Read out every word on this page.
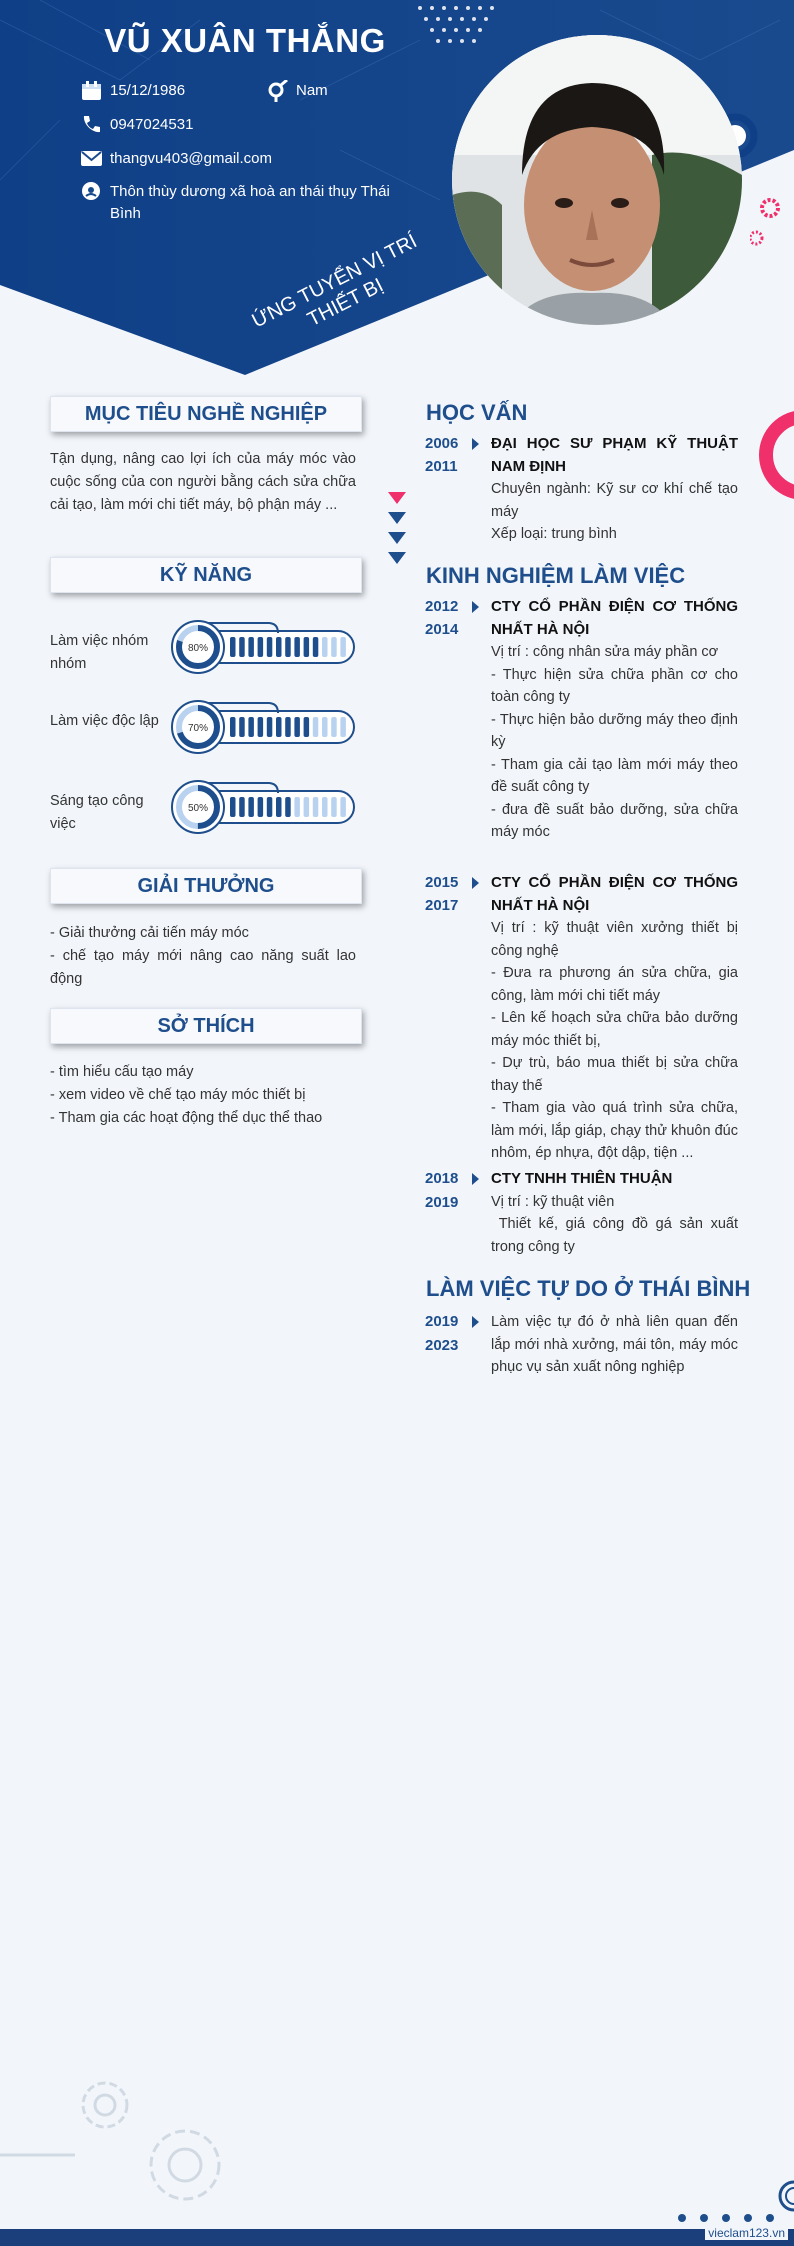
VŨ XUÂN THẮNG
15/12/1986	Nam
0947024531
thangvu403@gmail.com
Thôn thùy dương xã hoà an thái thụy Thái Bình
ỨNG TUYỂN VỊ TRÍ THIẾT BỊ
MỤC TIÊU NGHỀ NGHIỆP
Tận dụng, nâng cao lợi ích của máy móc vào cuộc sống của con người bằng cách sửa chữa cải tạo, làm mới chi tiết máy, bộ phận máy ...
KỸ NĂNG
Làm việc nhóm nhóm
Làm việc độc lập
Sáng tạo công việc
80%
70%
50%
GIẢI THƯỞNG
- Giải thưởng cải tiến máy móc
- chế tạo máy mới nâng cao năng suất lao động
SỞ THÍCH
- tìm hiểu cấu tạo máy
- xem video về chế tạo máy móc thiết bị
- Tham gia các hoạt động thể dục thể thao
HỌC VẤN
2006
2011
ĐẠI HỌC SƯ PHẠM KỸ THUẬT NAM ĐỊNH
Chuyên ngành: Kỹ sư cơ khí chế tạo máy
Xếp loại: trung bình
KINH NGHIỆM LÀM VIỆC
2012
2014
CTY CỔ PHẦN ĐIỆN CƠ THỐNG NHẤT HÀ NỘI
Vị trí : công nhân sửa máy phần cơ
- Thực hiện sửa chữa phần cơ cho toàn công ty
- Thực hiện bảo dưỡng máy theo định kỳ
- Tham gia cải tạo làm mới máy theo đề suất công ty
- đưa đề suất bảo dưỡng, sửa chữa máy móc
2015
2017
CTY CỔ PHẦN ĐIỆN CƠ THỐNG NHẤT HÀ NỘI
Vị trí : kỹ thuật viên xưởng thiết bị công nghệ
- Đưa ra phương án sửa chữa, gia công, làm mới chi tiết máy
- Lên kế hoạch sửa chữa bảo dưỡng máy móc thiết bị,
- Dự trù, báo mua thiết bị sửa chữa thay thế
- Tham gia vào quá trình sửa chữa, làm mới, lắp giáp, chạy thử khuôn đúc nhôm, ép nhựa, đột dập, tiện ...
2018
2019
CTY TNHH THIÊN THUẬN
Vị trí : kỹ thuật viên
Thiết kế, giá công đồ gá sản xuất trong công ty
LÀM VIỆC TỰ DO Ở THÁI BÌNH
2019
2023
Làm việc tự đó ở nhà liên quan đến lắp mới nhà xưởng, mái tôn, máy móc phục vụ sản xuất nông nghiệp
vieclam123.vn
